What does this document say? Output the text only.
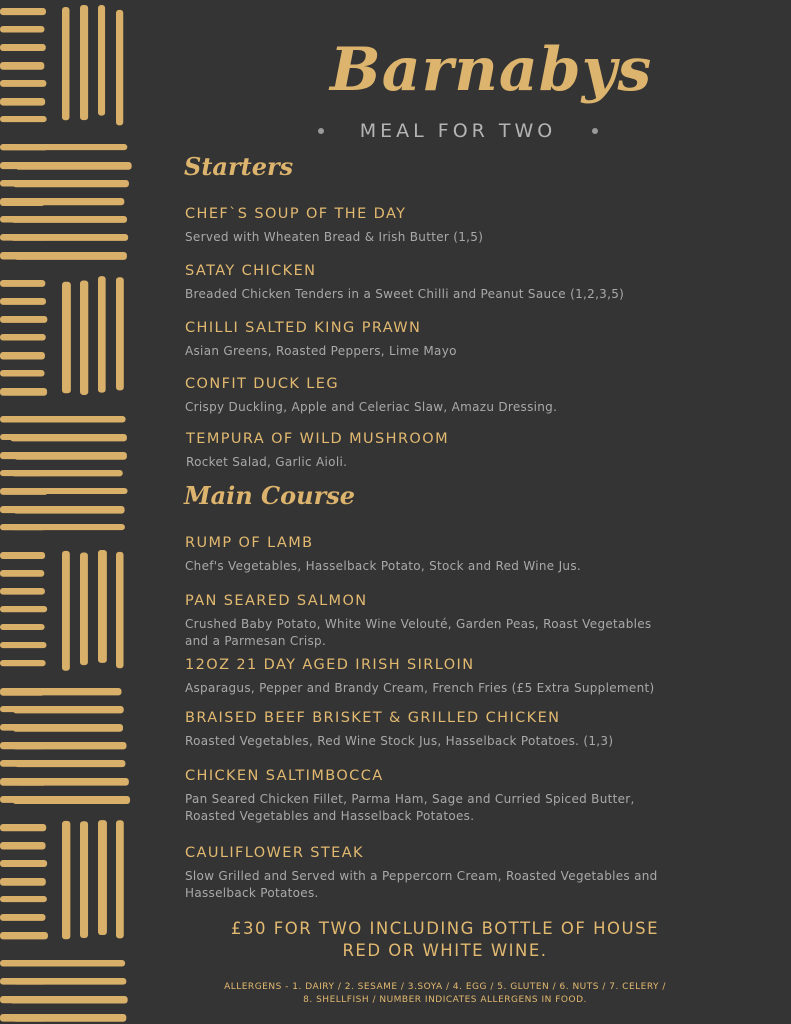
Barnabys
MEAL FOR TWO
Starters
CHEF`S SOUP OF THE DAY
Served with Wheaten Bread & Irish Butter (1,5)
SATAY CHICKEN
Breaded Chicken Tenders in a Sweet Chilli and Peanut Sauce (1,2,3,5)
CHILLI SALTED KING PRAWN
Asian Greens, Roasted Peppers, Lime Mayo
CONFIT DUCK LEG
Crispy Duckling, Apple and Celeriac Slaw, Amazu Dressing.
TEMPURA OF WILD MUSHROOM
Rocket Salad, Garlic Aioli.
Main Course
RUMP OF LAMB
Chef's Vegetables, Hasselback Potato, Stock and Red Wine Jus.
PAN SEARED SALMON
Crushed Baby Potato, White Wine Velouté, Garden Peas, Roast Vegetables and a Parmesan Crisp.
12OZ 21 DAY AGED IRISH SIRLOIN
Asparagus, Pepper and Brandy Cream, French Fries (£5 Extra Supplement)
BRAISED BEEF BRISKET & GRILLED CHICKEN
Roasted Vegetables, Red Wine Stock Jus, Hasselback Potatoes. (1,3)
CHICKEN SALTIMBOCCA
Pan Seared Chicken Fillet, Parma Ham, Sage and Curried Spiced Butter, Roasted Vegetables and Hasselback Potatoes.
CAULIFLOWER STEAK
Slow Grilled and Served with a Peppercorn Cream, Roasted Vegetables and Hasselback Potatoes.
£30 FOR TWO INCLUDING BOTTLE OF HOUSE
RED OR WHITE WINE.
ALLERGENS - 1. DAIRY / 2. SESAME / 3.SOYA / 4. EGG / 5. GLUTEN / 6. NUTS / 7. CELERY / 8. SHELLFISH / NUMBER INDICATES ALLERGENS IN FOOD.
